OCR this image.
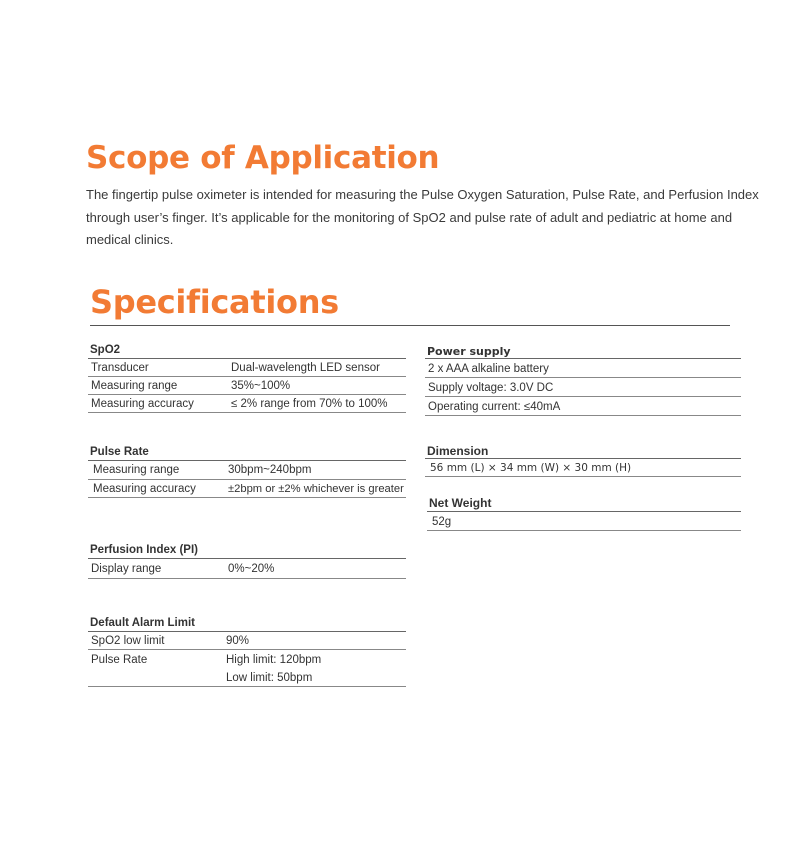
Scope of Application

The fingertip pulse oximeter is intended for measuring the Pulse Oxygen Saturation, Pulse Rate, and Perfusion Index through user’s finger. It’s applicable for the monitoring of SpO2 and pulse rate of adult and pediatric at home and medical clinics.

Specifications
SpO2
Transducer	Dual-wavelength LED sensor
Measuring range	35%~100%
Measuring accuracy	≤ 2% range from 70% to 100%
Pulse Rate
Measuring range	30bpm~240bpm
Measuring accuracy	±2bpm or ±2% whichever is greater
Perfusion Index (PI)
Display range	0%~20%
Default Alarm Limit
SpO2 low limit	90%
Pulse Rate	High limit: 120bpm
Low limit: 50bpm
Power supply
2 x AAA alkaline battery
Supply voltage: 3.0V DC
Operating current: ≤40mA
Dimension
56 mm (L) × 34 mm (W) × 30 mm (H)
Net Weight
52g
